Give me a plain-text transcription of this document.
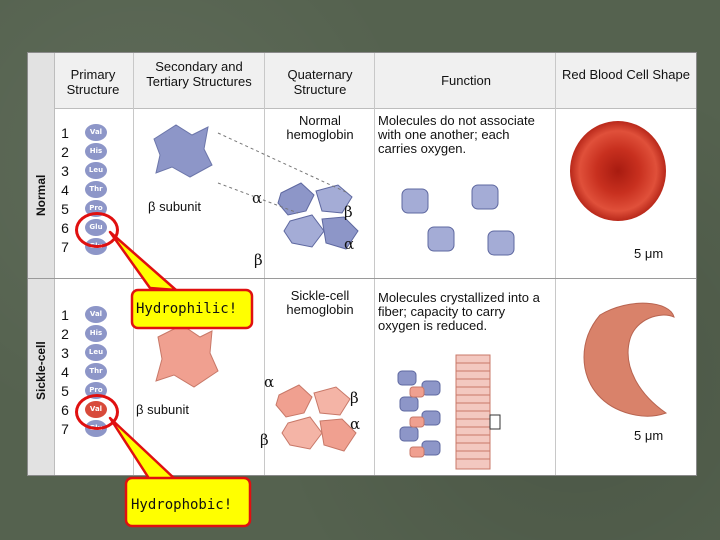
Primary Structure
Secondary and Tertiary Structures	Quaternary Structure
Function	Red Blood Cell Shape
Normal
Sickle-cell
1
2
3
4
5
6
7
Val
His
Leu
Thr
Pro
Glu
Glu
1
2
3
4
5
6
7
Val
His
Leu
Thr
Pro
Val
Glu
β subunit
Normal hemoglobin
α
β
α
β
Molecules do not associate with one another; each carries oxygen.
5 μm
β subunit
Sickle-cell hemoglobin
α
β
α
β
Molecules crystallized into a fiber; capacity to carry oxygen is reduced.
5 μm
Hydrophilic!
Hydrophobic!
